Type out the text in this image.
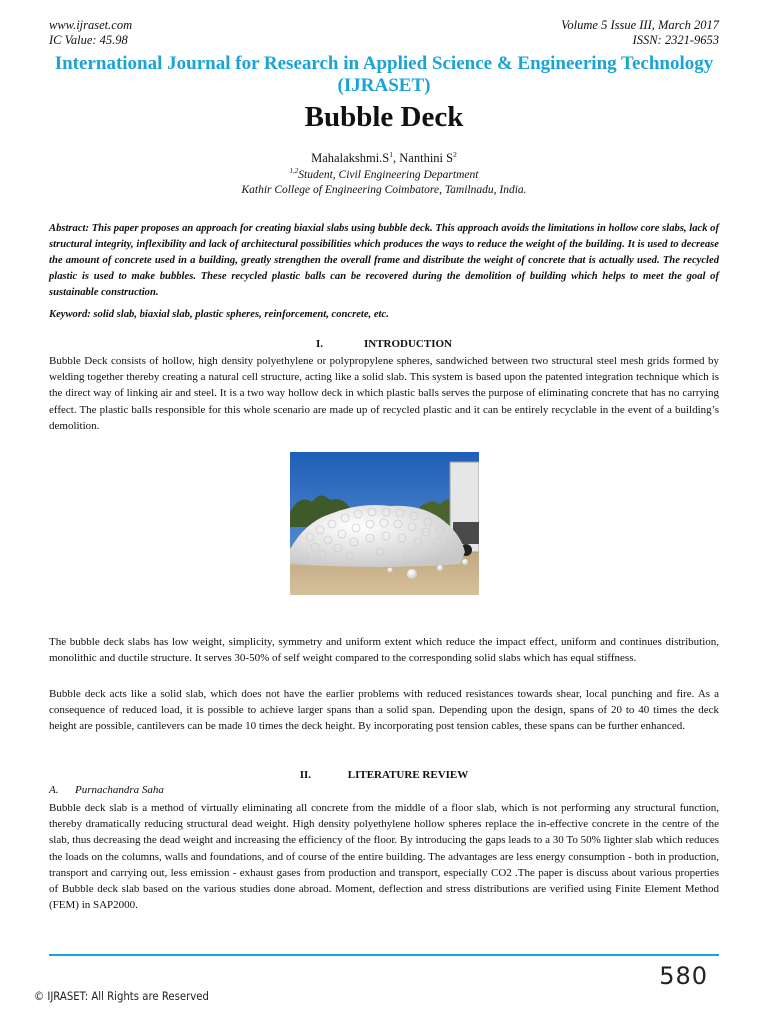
www.ijraset.com	Volume 5 Issue III, March 2017
IC Value: 45.98	ISSN: 2321-9653
International Journal for Research in Applied Science & Engineering Technology (IJRASET)
Bubble Deck
$Mahalakshmi.S^1$, Nanthini $S^2$
$^{1,2}$Student, Civil Engineering Department
Kathir College of Engineering Coimbatore, Tamilnadu, India.
Abstract: This paper proposes an approach for creating biaxial slabs using bubble deck. This approach avoids the limitations in hollow core slabs, lack of structural integrity, inflexibility and lack of architectural possibilities which produces the ways to reduce the weight of the building. It is used to decrease the amount of concrete used in a building, greatly strengthen the overall frame and distribute the weight of concrete that is actually used. The recycled plastic is used to make bubbles. These recycled plastic balls can be recovered during the demolition of building which helps to meet the goal of sustainable construction.
Keyword: solid slab, biaxial slab, plastic spheres, reinforcement, concrete, etc.
I.	INTRODUCTION
Bubble Deck consists of hollow, high density polyethylene or polypropylene spheres, sandwiched between two structural steel mesh grids formed by welding together thereby creating a natural cell structure, acting like a solid slab. This system is based upon the patented integration technique which is the direct way of linking air and steel. It is a two way hollow deck in which plastic balls serves the purpose of eliminating concrete that has no carrying effect. The plastic balls responsible for this whole scenario are made up of recycled plastic and it can be entirely recyclable in the event of a building’s demolition.
The bubble deck slabs has low weight, simplicity, symmetry and uniform extent which reduce the impact effect, uniform and continues distribution, monolithic and ductile structure. It serves 30-50% of self weight compared to the corresponding solid slabs which has equal stiffness.
Bubble deck acts like a solid slab, which does not have the earlier problems with reduced resistances towards shear, local punching and fire. As a consequence of reduced load, it is possible to achieve larger spans than a solid span. Depending upon the design, spans of 20 to 40 times the deck height are possible, cantilevers can be made 10 times the deck height. By incorporating post tension cables, these spans can be further enhanced.
II.	LITERATURE REVIEW
A. Purnachandra Saha
Bubble deck slab is a method of virtually eliminating all concrete from the middle of a floor slab, which is not performing any structural function, thereby dramatically reducing structural dead weight. High density polyethylene hollow spheres replace the in-effective concrete in the centre of the slab, thus decreasing the dead weight and increasing the efficiency of the floor. By introducing the gaps leads to a 30 To 50% lighter slab which reduces the loads on the columns, walls and foundations, and of course of the entire building. The advantages are less energy consumption - both in production, transport and carrying out, less emission - exhaust gases from production and transport, especially CO2 .The paper is discuss about various properties of Bubble deck slab based on the various studies done abroad. Moment, deflection and stress distributions are verified using Finite Element Method (FEM) in SAP2000.
580
© IJRASET: All Rights are Reserved
